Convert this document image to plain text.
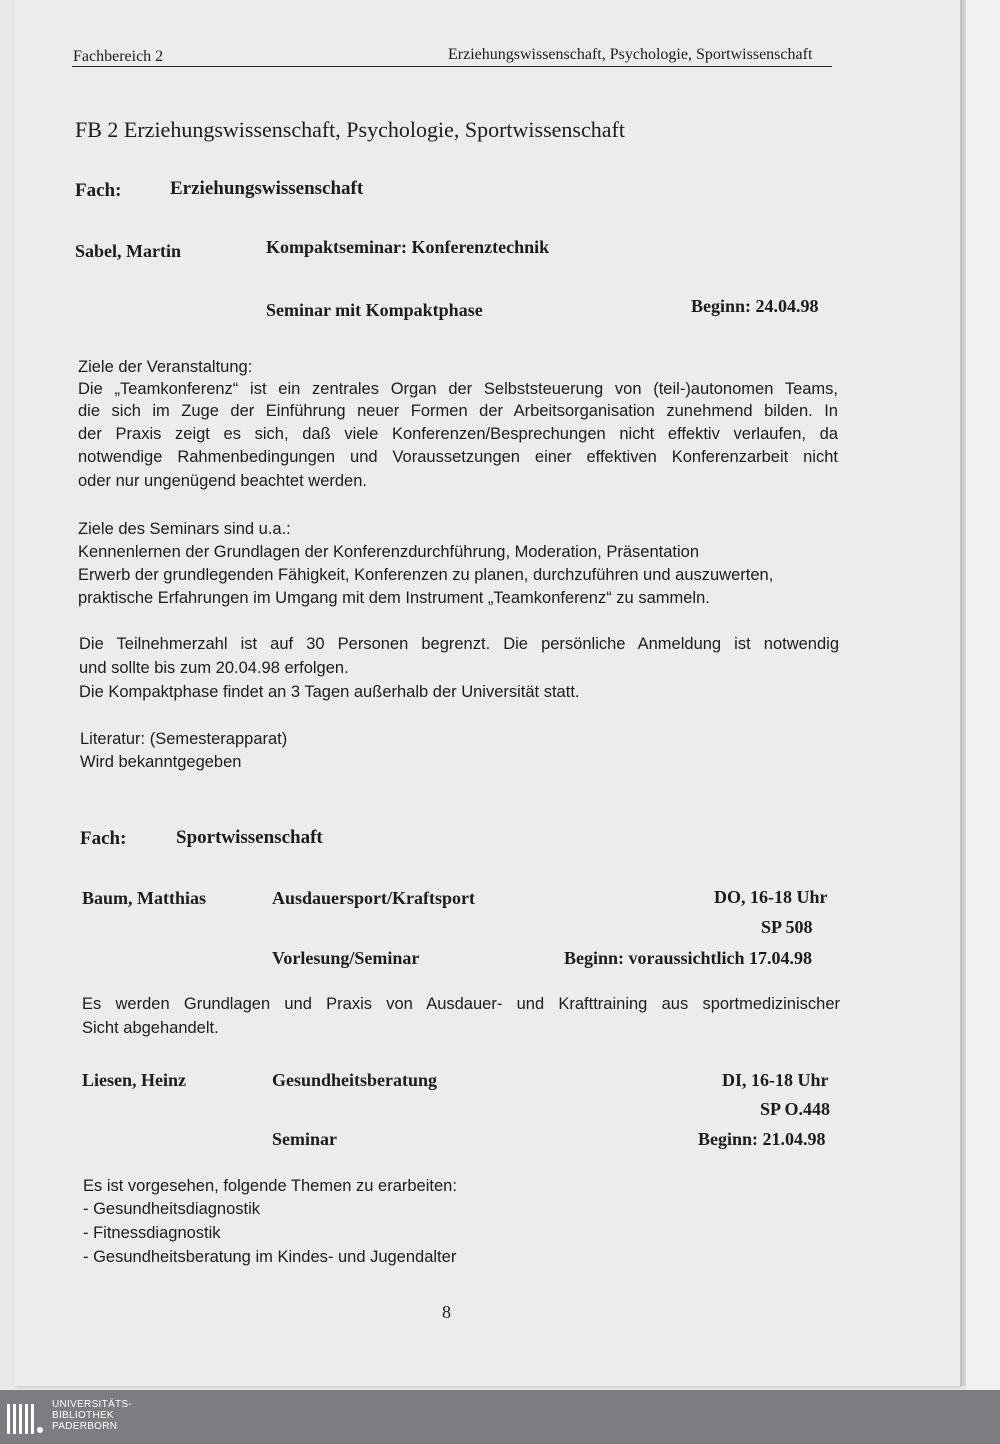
Fachbereich 2	Erziehungswissenschaft, Psychologie, Sportwissenschaft
FB 2 Erziehungswissenschaft, Psychologie, Sportwissenschaft
Fach:	Erziehungswissenschaft
Sabel, Martin	Kompaktseminar: Konferenztechnik
Seminar mit Kompaktphase	Beginn: 24.04.98
Ziele der Veranstaltung:
Die „Teamkonferenz“ ist ein zentrales Organ der Selbststeuerung von (teil-)autonomen Teams,
die sich im Zuge der Einführung neuer Formen der Arbeitsorganisation zunehmend bilden. In
der Praxis zeigt es sich, daß viele Konferenzen/Besprechungen nicht effektiv verlaufen, da
notwendige Rahmenbedingungen und Voraussetzungen einer effektiven Konferenzarbeit nicht
oder nur ungenügend beachtet werden.
Ziele des Seminars sind u.a.:
Kennenlernen der Grundlagen der Konferenzdurchführung, Moderation, Präsentation
Erwerb der grundlegenden Fähigkeit, Konferenzen zu planen, durchzuführen und auszuwerten,
praktische Erfahrungen im Umgang mit dem Instrument „Teamkonferenz“ zu sammeln.
Die Teilnehmerzahl ist auf 30 Personen begrenzt. Die persönliche Anmeldung ist notwendig
und sollte bis zum 20.04.98 erfolgen.
Die Kompaktphase findet an 3 Tagen außerhalb der Universität statt.
Literatur: (Semesterapparat)
Wird bekanntgegeben
Fach:	Sportwissenschaft
Baum, Matthias	Ausdauersport/Kraftsport	DO, 16-18 Uhr
SP 508
Vorlesung/Seminar	Beginn: voraussichtlich 17.04.98
Es werden Grundlagen und Praxis von Ausdauer- und Krafttraining aus sportmedizinischer
Sicht abgehandelt.
Liesen, Heinz	Gesundheitsberatung	DI, 16-18 Uhr
SP O.448
Seminar	Beginn: 21.04.98
Es ist vorgesehen, folgende Themen zu erarbeiten:
- Gesundheitsdiagnostik
- Fitnessdiagnostik
- Gesundheitsberatung im Kindes- und Jugendalter
8
UNIVERSITÄTS-
BIBLIOTHEK
PADERBORN
